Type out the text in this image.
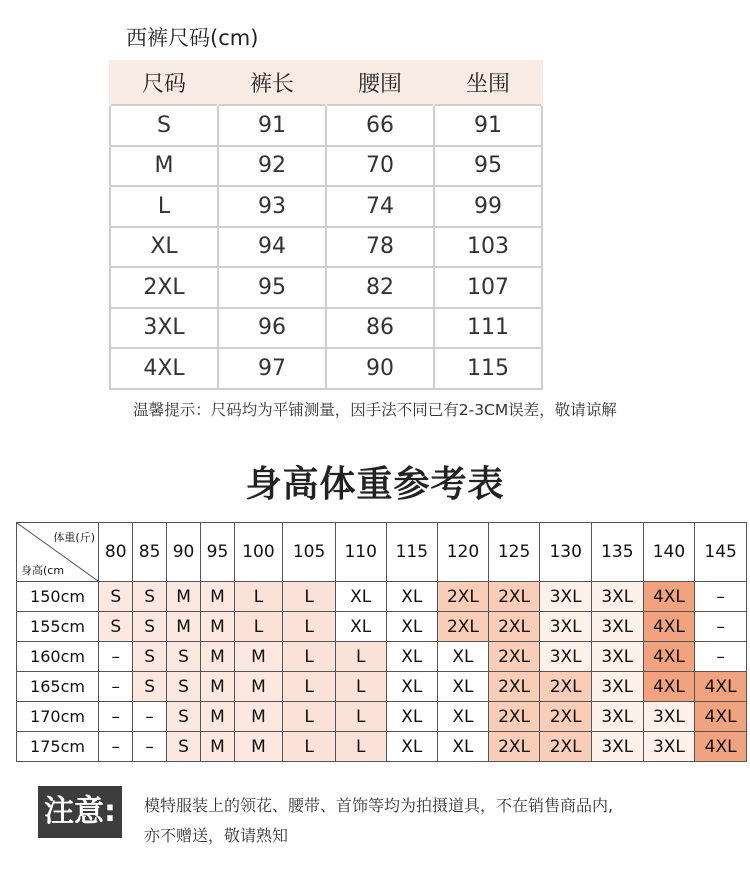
西裤尺码(cm)
尺码	裤长	腰围	坐围
S	91	66	91
M	92	70	95
L	93	74	99
XL	94	78	103
2XL	95	82	107
3XL	96	86	111
4XL	97	90	115
温馨提示：尺码均为平铺测量，因手法不同已有2-3CM误差，敬请谅解
身高体重参考表
体重(斤)
身高(cm	80	85	90	95	100	105	110	115	120	125	130	135	140	145
150cm	S	S	M	M	L	L	XL	XL	2XL	2XL	3XL	3XL	4XL	–
155cm	S	S	M	M	L	L	XL	XL	2XL	2XL	3XL	3XL	4XL	–
160cm	–	S	S	M	M	L	L	XL	XL	2XL	3XL	3XL	4XL	–
165cm	–	S	S	M	M	L	L	XL	XL	2XL	2XL	3XL	4XL	4XL
170cm	–	–	S	M	M	L	L	XL	XL	2XL	2XL	3XL	3XL	4XL
175cm	–	–	S	M	M	L	L	XL	XL	2XL	2XL	3XL	3XL	4XL
注意:	模特服装上的领花、腰带、首饰等均为拍摄道具，不在销售商品内,
亦不赠送，敬请熟知
